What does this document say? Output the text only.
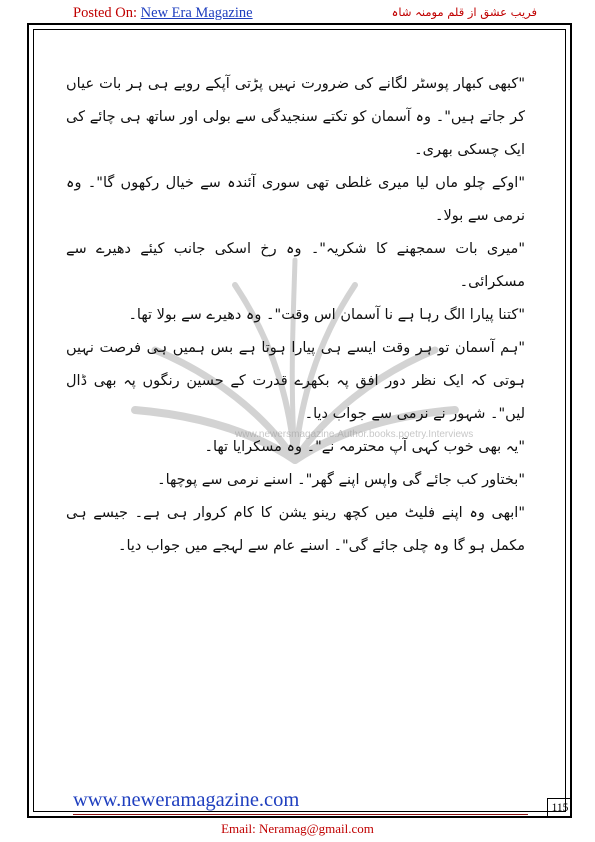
Posted On: New Era Magazine	فریب عشق از قلم مومنہ شاہ
www.newersmagazine.Author.books.poetry.Interviews

"کبھی کبھار پوسٹر لگانے کی ضرورت نہیں پڑتی آپکے رویے ہی ہر بات عیاں کر جاتے ہیں"۔ وہ آسمان کو تکتے سنجیدگی سے بولی اور ساتھ ہی چائے کی ایک چسکی بھری۔

"اوکے چلو ماں لیا میری غلطی تھی سوری آئندہ سے خیال رکھوں گا"۔ وہ نرمی سے بولا۔

"میری بات سمجھنے کا شکریہ"۔ وہ رخ اسکی جانب کیئے دھیرے سے مسکرائی۔

"کتنا پیارا الگ رہا ہے نا آسمان اس وقت"۔ وہ دھیرے سے بولا تھا۔

"ہم آسمان تو ہر وقت ایسے ہی پیارا ہوتا ہے بس ہمیں ہی فرصت نہیں ہوتی کہ ایک نظر دور افق پہ بکھرے قدرت کے حسین رنگوں پہ بھی ڈال لیں"۔ شہور نے نرمی سے جواب دیا۔

"یہ بھی خوب کہی آپ محترمہ نے"۔ وہ مسکرایا تھا۔

"بختاور کب جائے گی واپس اپنے گھر"۔ اسنے نرمی سے پوچھا۔

"ابھی وہ اپنے فلیٹ میں کچھ رینو یشن کا کام کروار ہی ہے۔ جیسے ہی مکمل ہو گا وہ چلی جائے گی"۔ اسنے عام سے لہجے میں جواب دیا۔

www.neweramagazine.com	115
Email: Neramag@gmail.com
